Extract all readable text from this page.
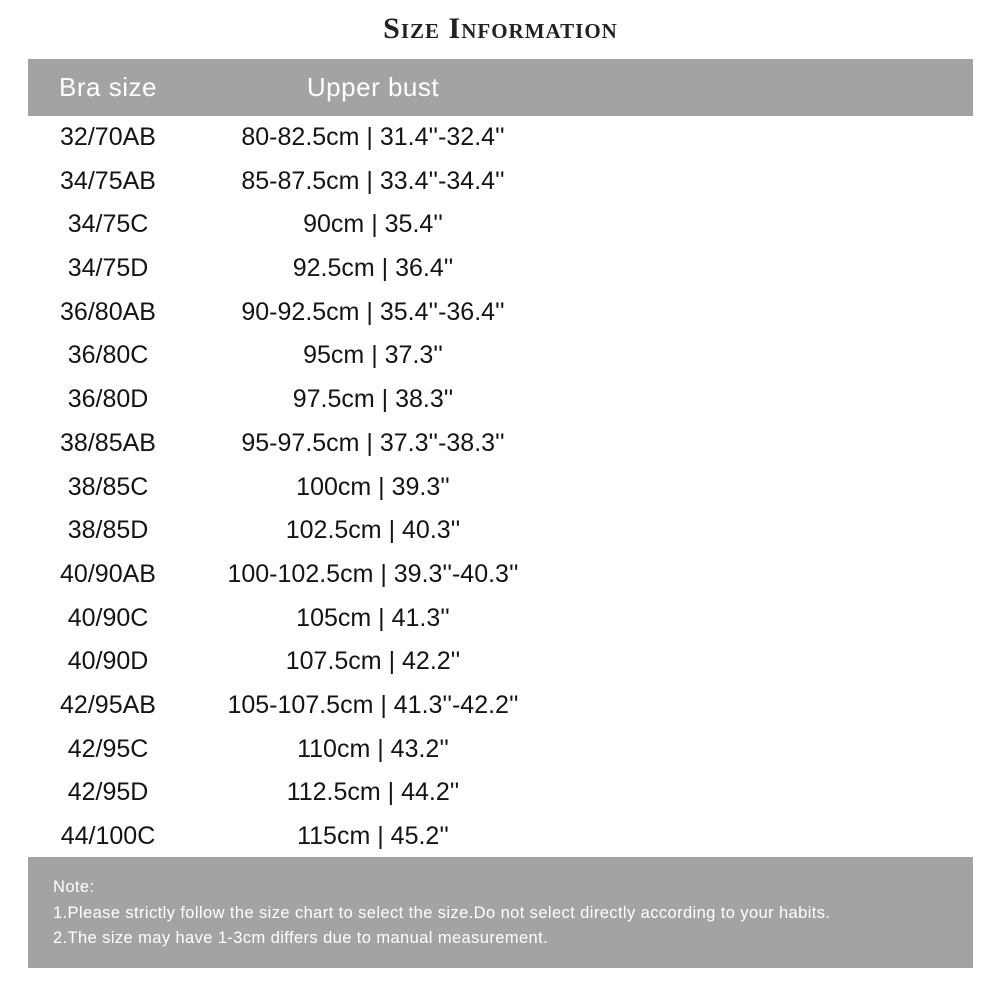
Size Information
Bra size	Upper bust
32/70AB	80-82.5cm | 31.4''-32.4''
34/75AB	85-87.5cm | 33.4''-34.4''
34/75C	90cm | 35.4''
34/75D	92.5cm | 36.4''
36/80AB	90-92.5cm | 35.4''-36.4''
36/80C	95cm | 37.3''
36/80D	97.5cm | 38.3''
38/85AB	95-97.5cm | 37.3''-38.3''
38/85C	100cm | 39.3''
38/85D	102.5cm | 40.3''
40/90AB	100-102.5cm | 39.3''-40.3''
40/90C	105cm | 41.3''
40/90D	107.5cm | 42.2''
42/95AB	105-107.5cm | 41.3''-42.2''
42/95C	110cm | 43.2''
42/95D	112.5cm | 44.2''
44/100C	115cm | 45.2''
Note:
1.Please strictly follow the size chart to select the size.Do not select directly according to your habits.
2.The size may have 1-3cm differs due to manual measurement.
